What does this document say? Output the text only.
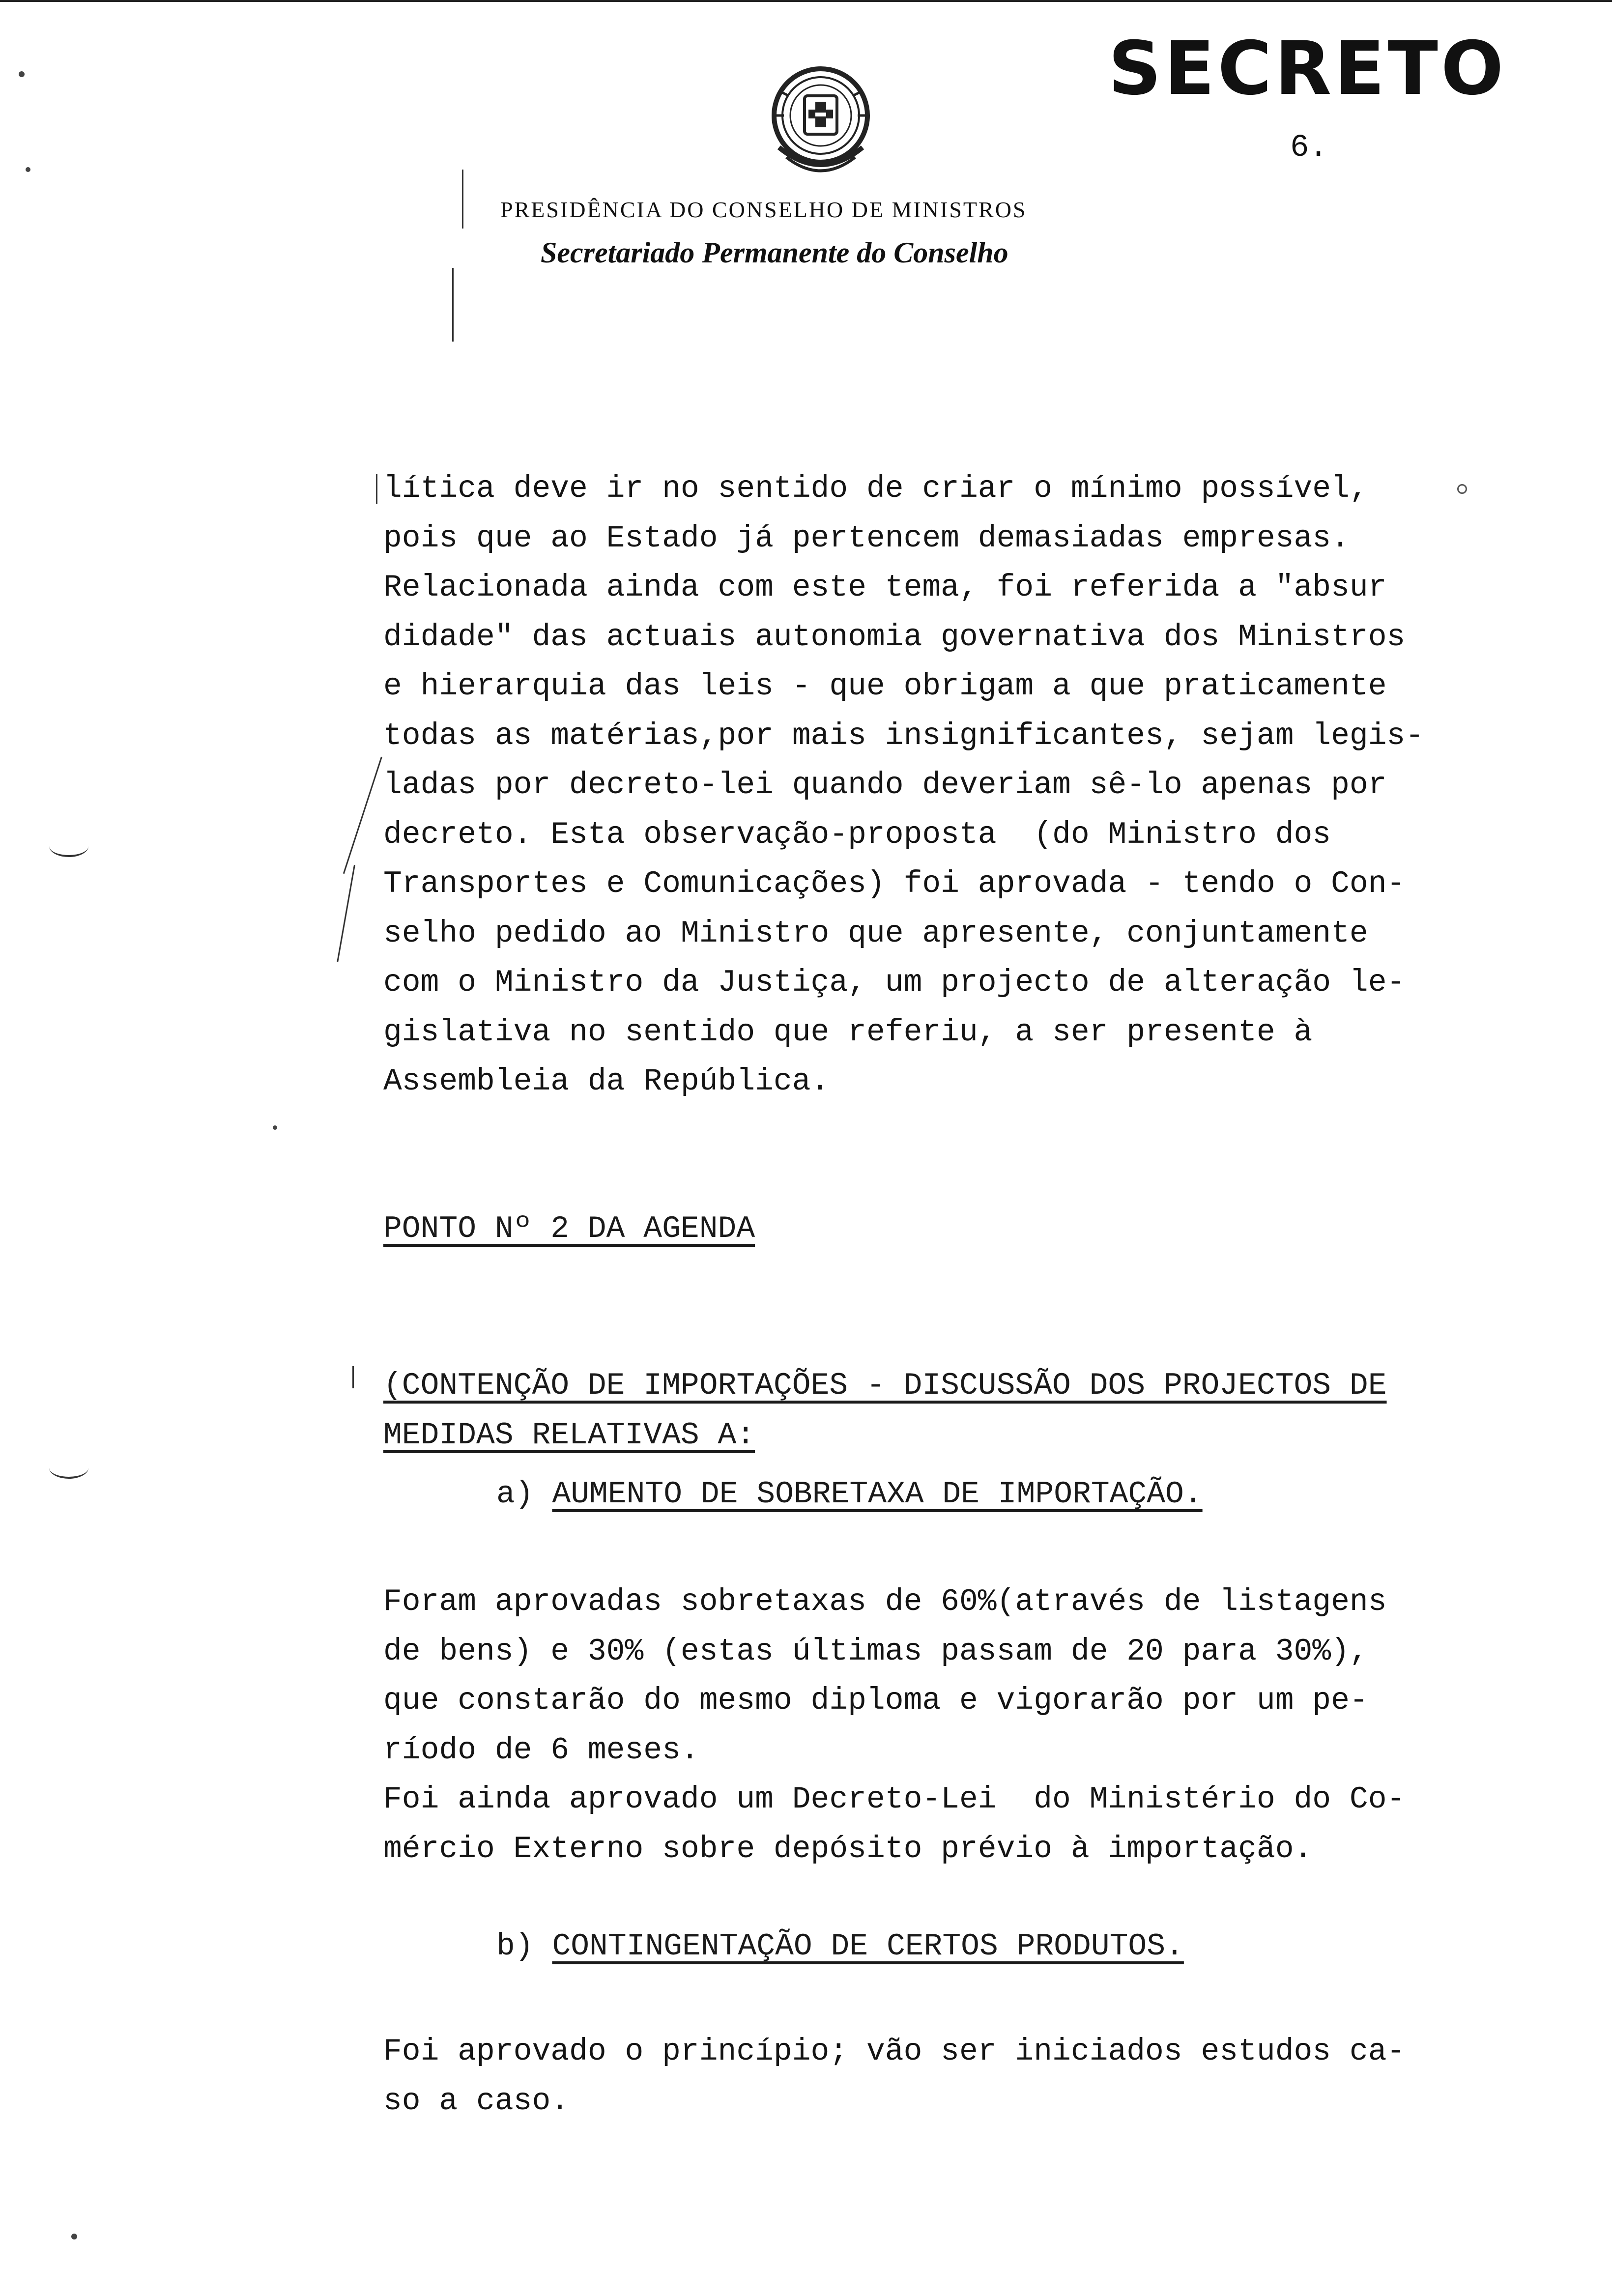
SECRETO
6.
PRESIDÊNCIA DO CONSELHO DE MINISTROS
Secretariado Permanente do Conselho
lítica deve ir no sentido de criar o mínimo possível,
pois que ao Estado já pertencem demasiadas empresas.
Relacionada ainda com este tema, foi referida a "absur
didade" das actuais autonomia governativa dos Ministros
e hierarquia das leis - que obrigam a que praticamente
todas as matérias,por mais insignificantes, sejam legis-
ladas por decreto-lei quando deveriam sê-lo apenas por
decreto. Esta observação-proposta  (do Ministro dos
Transportes e Comunicações) foi aprovada - tendo o Con-
selho pedido ao Ministro que apresente, conjuntamente
com o Ministro da Justiça, um projecto de alteração le-
gislativa no sentido que referiu, a ser presente à
Assembleia da República.
PONTO Nº 2 DA AGENDA
(CONTENÇÃO DE IMPORTAÇÕES - DISCUSSÃO DOS PROJECTOS DE
MEDIDAS RELATIVAS A:
a) AUMENTO DE SOBRETAXA DE IMPORTAÇÃO.
Foram aprovadas sobretaxas de 60%(através de listagens
de bens) e 30% (estas últimas passam de 20 para 30%),
que constarão do mesmo diploma e vigorarão por um pe-
ríodo de 6 meses.
Foi ainda aprovado um Decreto-Lei  do Ministério do Co-
mércio Externo sobre depósito prévio à importação.
b) CONTINGENTAÇÃO DE CERTOS PRODUTOS.
Foi aprovado o princípio; vão ser iniciados estudos ca-
so a caso.
